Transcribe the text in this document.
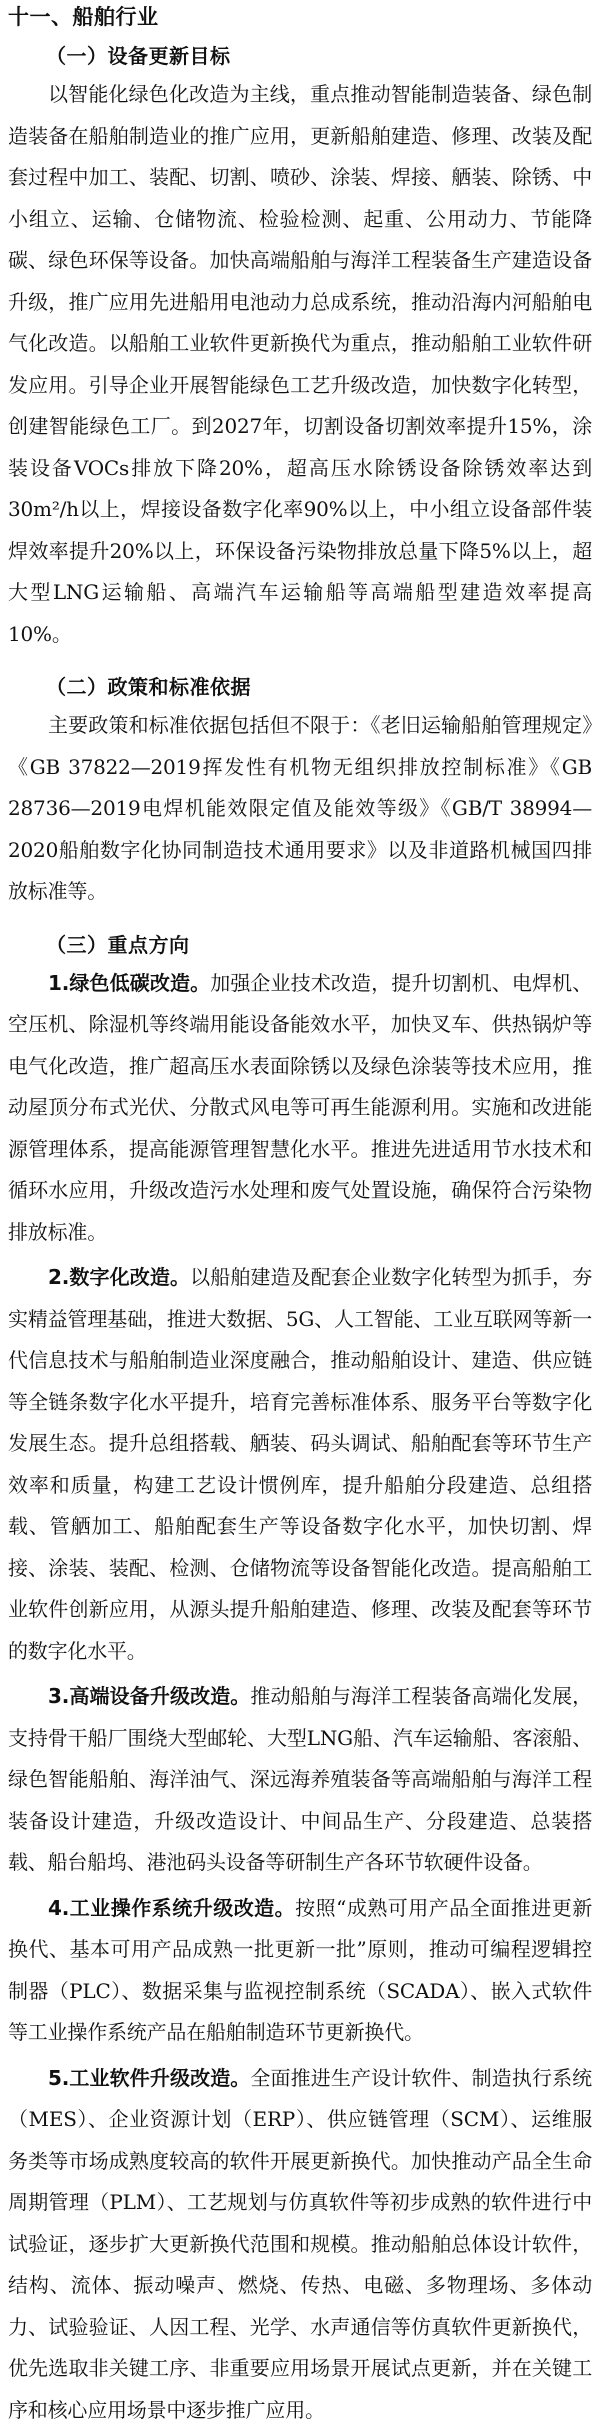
十一、船舶行业
（一）设备更新目标

以智能化绿色化改造为主线，重点推动智能制造装备、绿色制造装备在船舶制造业的推广应用，更新船舶建造、修理、改装及配套过程中加工、装配、切割、喷砂、涂装、焊接、舾装、除锈、中小组立、运输、仓储物流、检验检测、起重、公用动力、节能降碳、绿色环保等设备。加快高端船舶与海洋工程装备生产建造设备升级，推广应用先进船用电池动力总成系统，推动沿海内河船舶电气化改造。以船舶工业软件更新换代为重点，推动船舶工业软件研发应用。引导企业开展智能绿色工艺升级改造，加快数字化转型，创建智能绿色工厂。到2027年，切割设备切割效率提升15%，涂装设备VOCs排放下降20%，超高压水除锈设备除锈效率达到30m²/h以上，焊接设备数字化率90%以上，中小组立设备部件装焊效率提升20%以上，环保设备污染物排放总量下降5%以上，超大型LNG运输船、高端汽车运输船等高端船型建造效率提高10%。

（二）政策和标准依据

主要政策和标准依据包括但不限于：《老旧运输船舶管理规定》《GB 37822—2019挥发性有机物无组织排放控制标准》《GB 28736—2019电焊机能效限定值及能效等级》《GB/T 38994—2020船舶数字化协同制造技术通用要求》以及非道路机械国四排放标准等。

（三）重点方向

1.绿色低碳改造。加强企业技术改造，提升切割机、电焊机、空压机、除湿机等终端用能设备能效水平，加快叉车、供热锅炉等电气化改造，推广超高压水表面除锈以及绿色涂装等技术应用，推动屋顶分布式光伏、分散式风电等可再生能源利用。实施和改进能源管理体系，提高能源管理智慧化水平。推进先进适用节水技术和循环水应用，升级改造污水处理和废气处置设施，确保符合污染物排放标准。

2.数字化改造。以船舶建造及配套企业数字化转型为抓手，夯实精益管理基础，推进大数据、5G、人工智能、工业互联网等新一代信息技术与船舶制造业深度融合，推动船舶设计、建造、供应链等全链条数字化水平提升，培育完善标准体系、服务平台等数字化发展生态。提升总组搭载、舾装、码头调试、船舶配套等环节生产效率和质量，构建工艺设计惯例库，提升船舶分段建造、总组搭载、管舾加工、船舶配套生产等设备数字化水平，加快切割、焊接、涂装、装配、检测、仓储物流等设备智能化改造。提高船舶工业软件创新应用，从源头提升船舶建造、修理、改装及配套等环节的数字化水平。

3.高端设备升级改造。推动船舶与海洋工程装备高端化发展，支持骨干船厂围绕大型邮轮、大型LNG船、汽车运输船、客滚船、绿色智能船舶、海洋油气、深远海养殖装备等高端船舶与海洋工程装备设计建造，升级改造设计、中间品生产、分段建造、总装搭载、船台船坞、港池码头设备等研制生产各环节软硬件设备。

4.工业操作系统升级改造。按照“成熟可用产品全面推进更新换代、基本可用产品成熟一批更新一批”原则，推动可编程逻辑控制器（PLC）、数据采集与监视控制系统（SCADA）、嵌入式软件等工业操作系统产品在船舶制造环节更新换代。

5.工业软件升级改造。全面推进生产设计软件、制造执行系统（MES）、企业资源计划（ERP）、供应链管理（SCM）、运维服务类等市场成熟度较高的软件开展更新换代。加快推动产品全生命周期管理（PLM）、工艺规划与仿真软件等初步成熟的软件进行中试验证，逐步扩大更新换代范围和规模。推动船舶总体设计软件，结构、流体、振动噪声、燃烧、传热、电磁、多物理场、多体动力、试验验证、人因工程、光学、水声通信等仿真软件更新换代，优先选取非关键工序、非重要应用场景开展试点更新，并在关键工序和核心应用场景中逐步推广应用。
